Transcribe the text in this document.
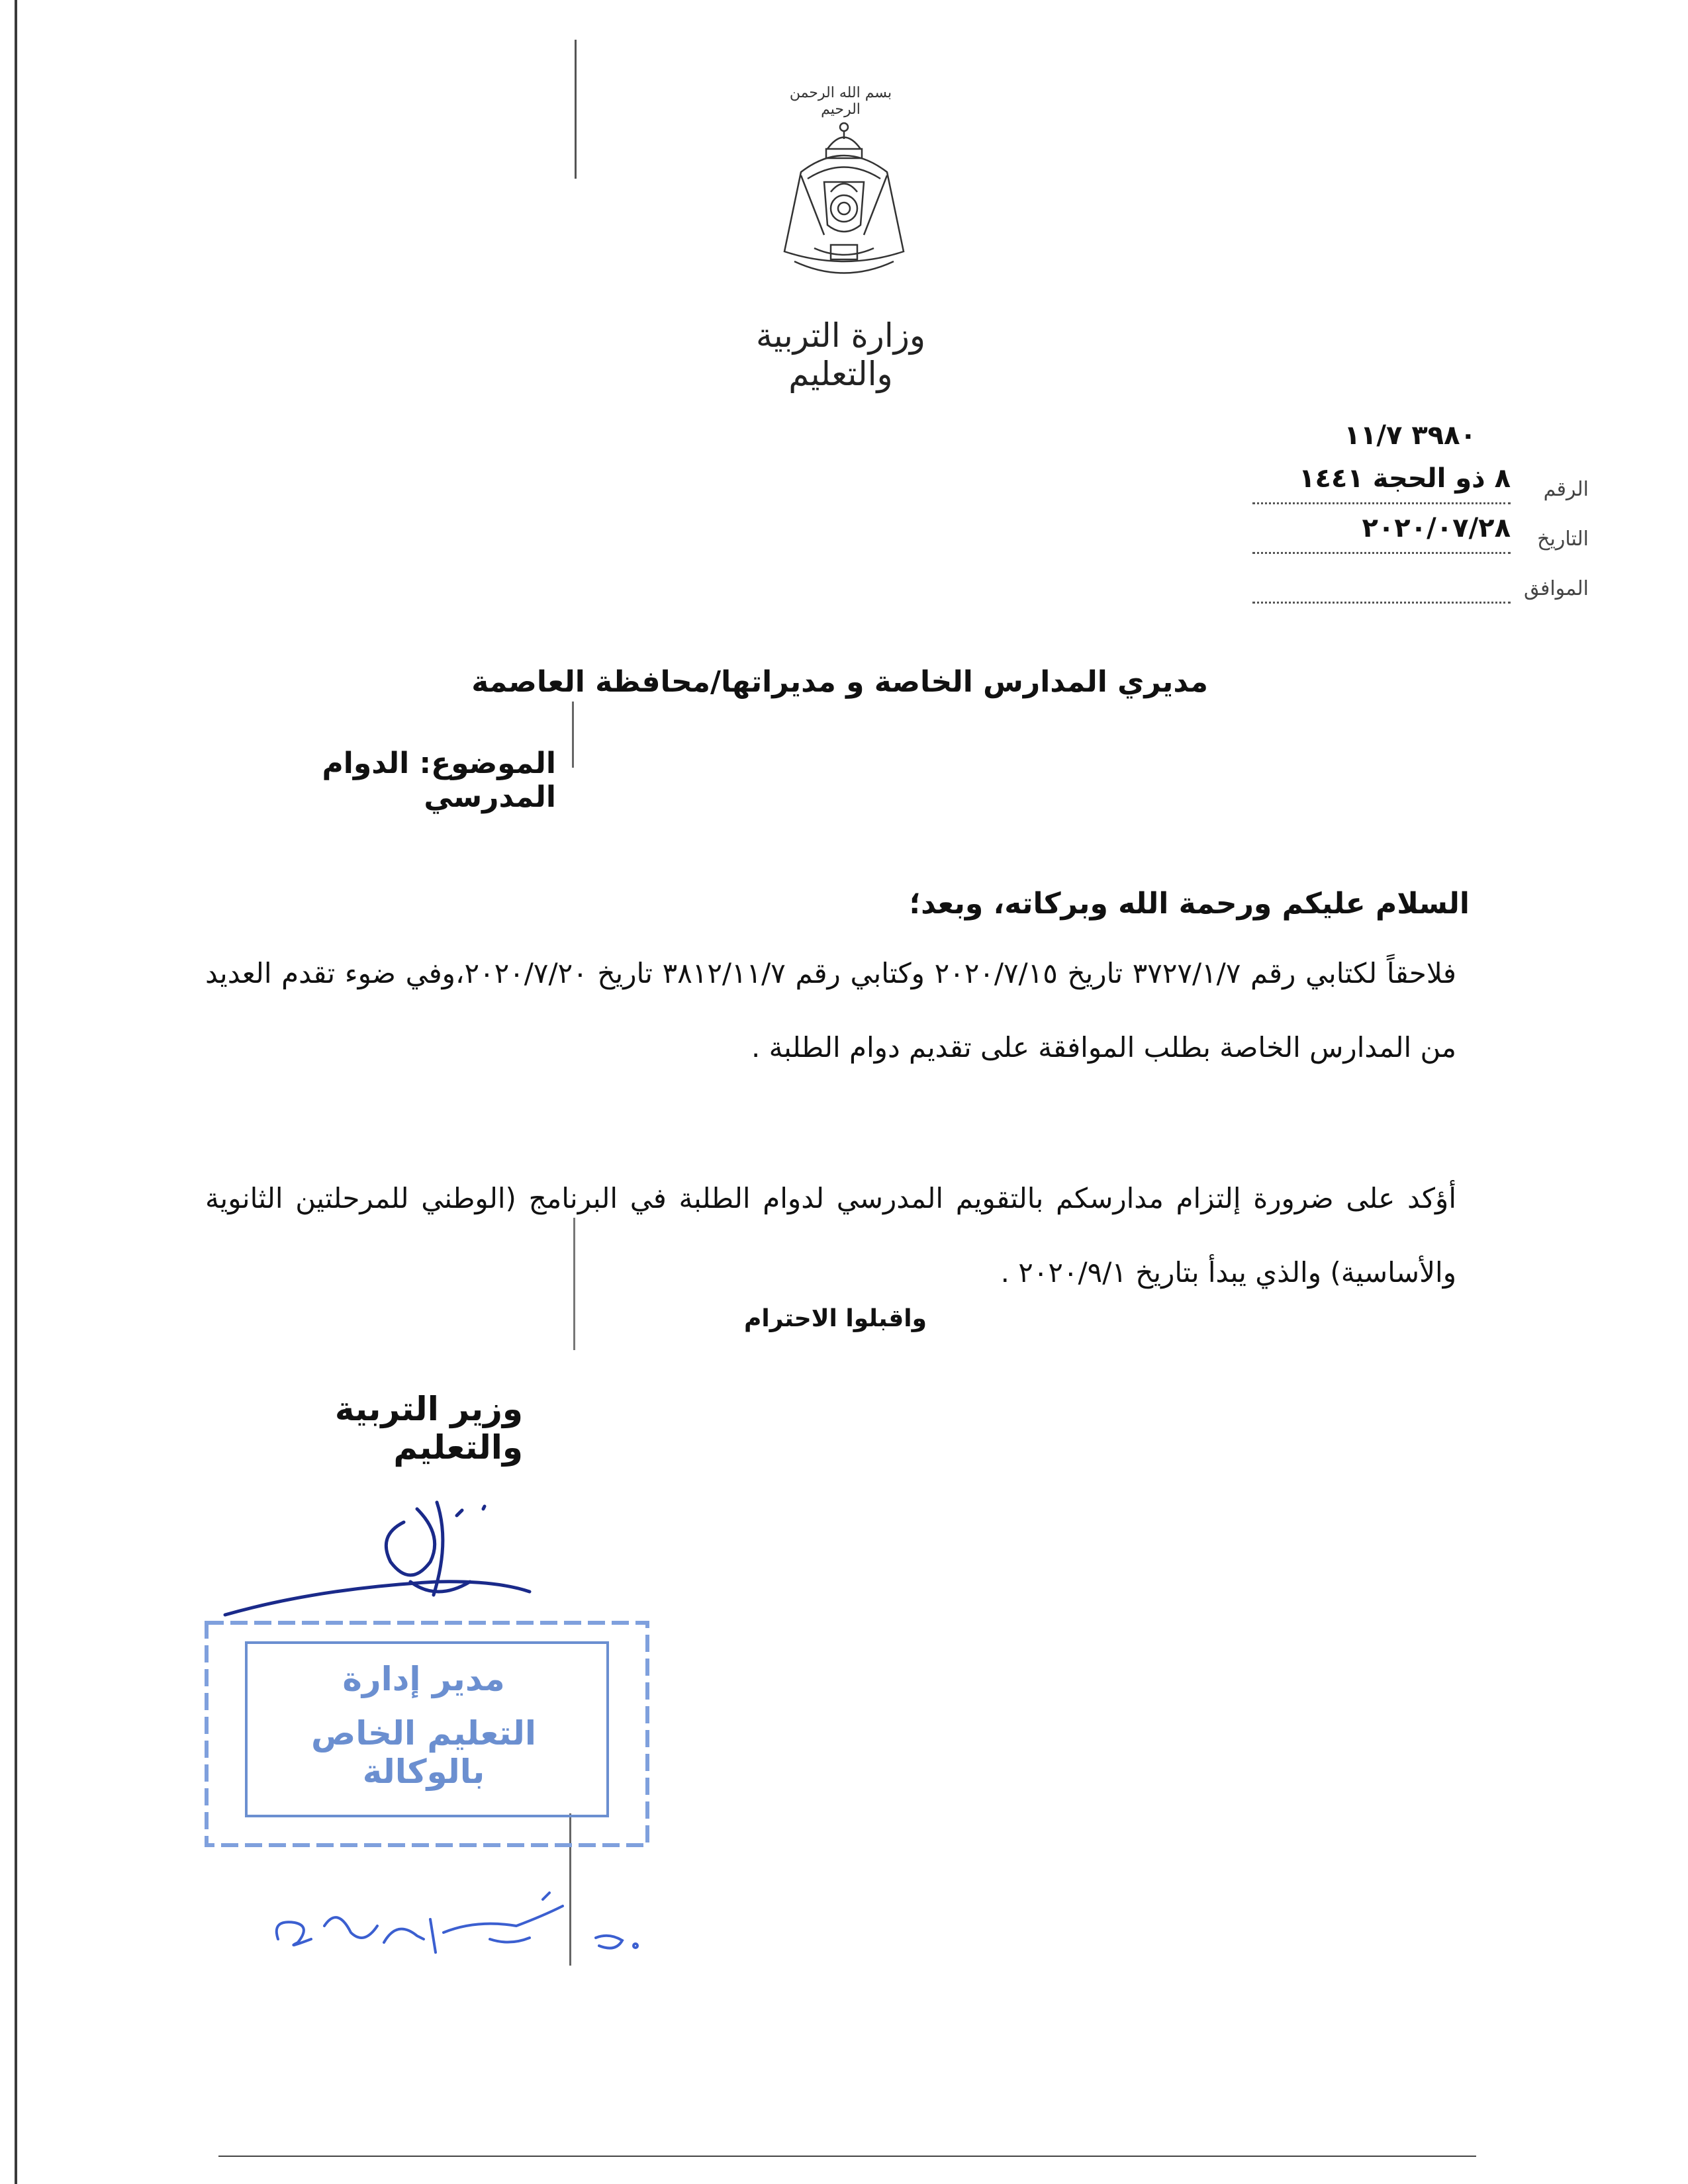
بسم الله الرحمن الرحيم
وزارة التربية والتعليم
٣٩٨٠ ١١/٧
الرقم
٨ ذو الحجة ١٤٤١
التاريخ
٢٠٢٠/٠٧/٢٨
الموافق
مديري المدارس الخاصة و مديراتها/محافظة العاصمة
الموضوع: الدوام المدرسي
السلام عليكم ورحمة الله وبركاته، وبعد؛
فلاحقاً لكتابي رقم ٣٧٢٧/١/٧ تاريخ ٢٠٢٠/٧/١٥ وكتابي رقم ٣٨١٢/١١/٧ تاريخ ٢٠٢٠/٧/٢٠،وفي ضوء تقدم العديد من المدارس الخاصة بطلب الموافقة على تقديم دوام الطلبة .
أؤكد على ضرورة إلتزام مدارسكم بالتقويم المدرسي لدوام الطلبة في البرنامج (الوطني للمرحلتين الثانوية والأساسية) والذي يبدأ بتاريخ ٢٠٢٠/٩/١ .
واقبلوا الاحترام
وزير التربية والتعليم
مدير إدارة
التعليم الخاص بالوكالة
